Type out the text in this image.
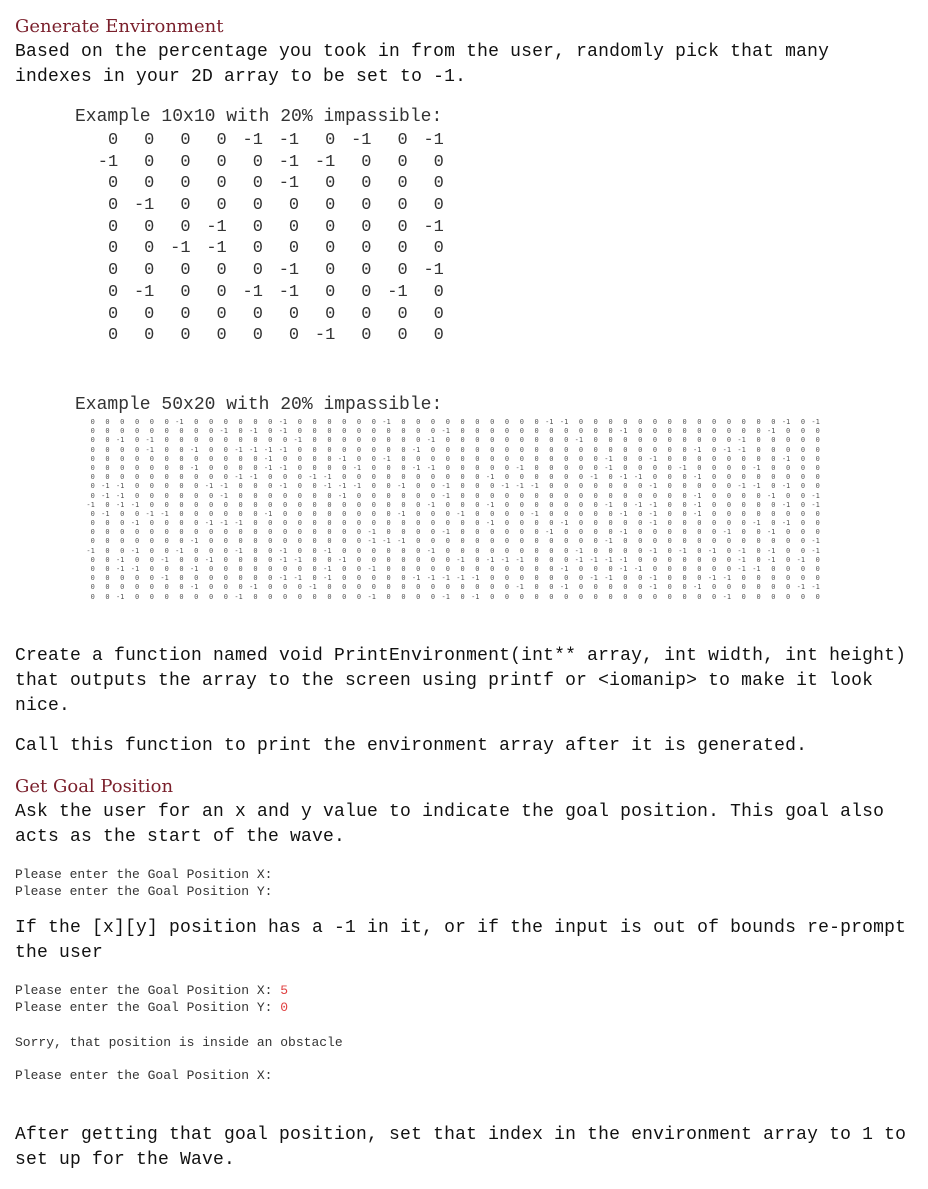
Generate Environment
Based on the percentage you took in from the user, randomly pick that many
indexes in your 2D array to be set to -1.
Example 10x10 with 20% impassible:
0	0	0	0 -1 -1	0 -1	0 -1
-1	0	0	0	0 -1 -1	0	0	0
0	0	0	0	0 -1	0	0	0	0
0 -1	0	0	0	0	0	0	0	0
0	0	0 -1	0	0	0	0	0 -1
0	0 -1 -1	0	0	0	0	0	0
0	0	0	0	0 -1	0	0	0 -1
0 -1	0	0 -1 -1	0	0 -1	0
0	0	0	0	0	0	0	0	0	0
0	0	0	0	0	0 -1	0	0	0
Example 50x20 with 20% impassible:
0	0	0	0	0	0 -1	0	0	0	0	0	0 -1	0	0	0	0	0	0 -1	0	0	0	0	0	0	0	0	0	0 -1 -1	0	0	0	0	0	0	0	0	0	0	0	0	0	0 -1	0 -1
0	0	0	0	0	0	0	0	0 -1	0 -1	0 -1	0	0	0	0	0	0	0	0	0	0 -1	0	0	0	0	0	0	0	0	0	0	0 -1	0	0	0	0	0	0	0	0	0 -1	0	0	0
0	0 -1	0 -1	0	0	0	0	0	0	0	0	0 -1	0	0	0	0	0	0	0	0 -1	0	0	0	0	0	0	0	0	0 -1	0	0	0	0	0	0	0	0	0	0 -1	0	0	0	0	0
0	0	0	0 -1	0	0 -1	0	0 -1 -1 -1 -1	0	0	0	0	0	0	0	0 -1	0	0	0	0	0	0	0	0	0	0	0	0	0	0	0	0	0	0 -1	0 -1 -1	0	0	0	0	0
0	0	0	0	0	0	0	0	0	0	0	0 -1	0	0	0	0 -1	0	0 -1	0	0	0	0	0	0	0	0	0	0	0	0	0	0 -1	0	0 -1	0	0	0	0	0	0	0	0 -1	0	0
0	0	0	0	0	0	0 -1	0	0	0	0 -1 -1	0	0	0	0 -1	0	0	0 -1 -1	0	0	0	0	0 -1	0	0	0	0	0 -1	0	0	0	0 -1	0	0	0	0 -1	0	0	0	0
0	0	0	0	0	0	0	0	0	0 -1 -1	0	0	0 -1 -1	0	0	0	0	0	0	0	0	0	0 -1	0	0	0	0	0	0 -1	0 -1 -1	0	0	0 -1	0	0	0	0	0	0	0	0
0 -1 -1	0	0	0	0	0 -1 -1	0	0	0 -1	0	0 -1 -1 -1	0	0 -1	0	0 -1	0	0	0 -1 -1 -1	0	0	0	0	0	0	0 -1	0	0	0	0	0 -1 -1	0 -1	0	0
0 -1 -1	0	0	0	0	0	0 -1	0	0	0	0	0	0	0 -1	0	0	0	0	0	0 -1	0	0	0	0	0	0	0	0	0	0	0	0	0	0	0	0 -1	0	0	0	0 -1	0	0 -1
-1	0 -1 -1	0	0	0	0	0	0	0	0	0	0	0	0	0	0	0	0	0	0	0 -1	0	0	0 -1	0	0	0	0	0	0	0 -1	0 -1 -1	0	0 -1	0	0	0	0	0 -1	0 -1
0 -1	0	0 -1 -1	0	0	0	0	0	0 -1	0	0	0	0	0	0	0	0 -1	0	0	0 -1	0	0	0	0 -1	0	0	0	0	0 -1	0 -1	0	0 -1	0	0	0	0	0	0	0	0
0	0	0 -1	0	0	0	0 -1 -1 -1	0	0	0	0	0	0	0	0	0	0	0	0	0	0	0	0 -1	0	0	0	0 -1	0	0	0	0	0 -1	0	0	0	0	0	0 -1	0 -1	0	0
0	0	0	0	0	0	0	0	0	0	0	0	0	0	0	0	0	0	0 -1	0	0	0	0 -1	0	0	0	0	0	0 -1	0	0	0	0 -1	0	0	0	0	0	0 -1	0	0 -1	0	0	0
0	0	0	0	0	0	0 -1	0	0	0	0	0	0	0	0	0	0	0 -1 -1 -1	0	0	0	0	0	0	0	0	0	0	0	0	0 -1	0	0	0	0	0	0	0	0	0	0	0	0	0 -1
-1	0	0 -1	0	0 -1	0	0	0 -1	0	0 -1	0	0 -1	0	0	0	0	0	0 -1	0	0	0	0	0	0	0	0	0 -1	0	0	0	0 -1	0 -1	0 -1	0 -1	0 -1	0	0 -1
0	0 -1	0	0 -1	0	0 -1	0	0	0	0 -1 -1	0	0 -1	0	0	0	0	0	0	0 -1	0 -1 -1 -1	0	0	0 -1 -1 -1 -1	0	0	0	0	0	0	0 -1	0 -1	0 -1	0
0	0 -1 -1	0	0	0 -1	0	0	0	0	0	0	0	0 -1	0	0 -1	0	0	0	0	0	0	0	0	0	0	0	0 -1	0	0	0 -1 -1	0	0	0	0	0	0 -1 -1	0	0	0	0
0	0	0	0	0 -1	0	0	0	0	0	0	0 -1 -1	0 -1	0	0	0	0	0 -1 -1 -1 -1 -1	0	0	0	0	0	0	0 -1 -1	0	0 -1	0	0	0 -1 -1	0	0	0	0	0	0
0	0	0	0	0	0	0 -1	0	0	0 -1	0	0	0 -1	0	0	0	0	0	0	0	0	0	0	0	0	0 -1	0	0 -1	0	0	0	0	0 -1	0	0 -1	0	0	0	0	0	0 -1 -1
0	0 -1	0	0	0	0	0	0	0 -1	0	0	0	0	0	0	0	0 -1	0	0	0	0 -1	0 -1	0	0	0	0	0	0	0	0	0	0	0	0	0	0	0	0 -1	0	0	0	0	0	0
Create a function named void PrintEnvironment(int** array, int width, int height)
that outputs the array to the screen using printf or <iomanip> to make it look
nice.
Call this function to print the environment array after it is generated.
Get Goal Position
Ask the user for an x and y value to indicate the goal position. This goal also
acts as the start of the wave.
Please enter the Goal Position X:
Please enter the Goal Position Y:
If the [x][y] position has a -1 in it, or if the input is out of bounds re-prompt
the user
Please enter the Goal Position X: 5
Please enter the Goal Position Y: 0
Sorry, that position is inside an obstacle
Please enter the Goal Position X:
After getting that goal position, set that index in the environment array to 1 to
set up for the Wave.
